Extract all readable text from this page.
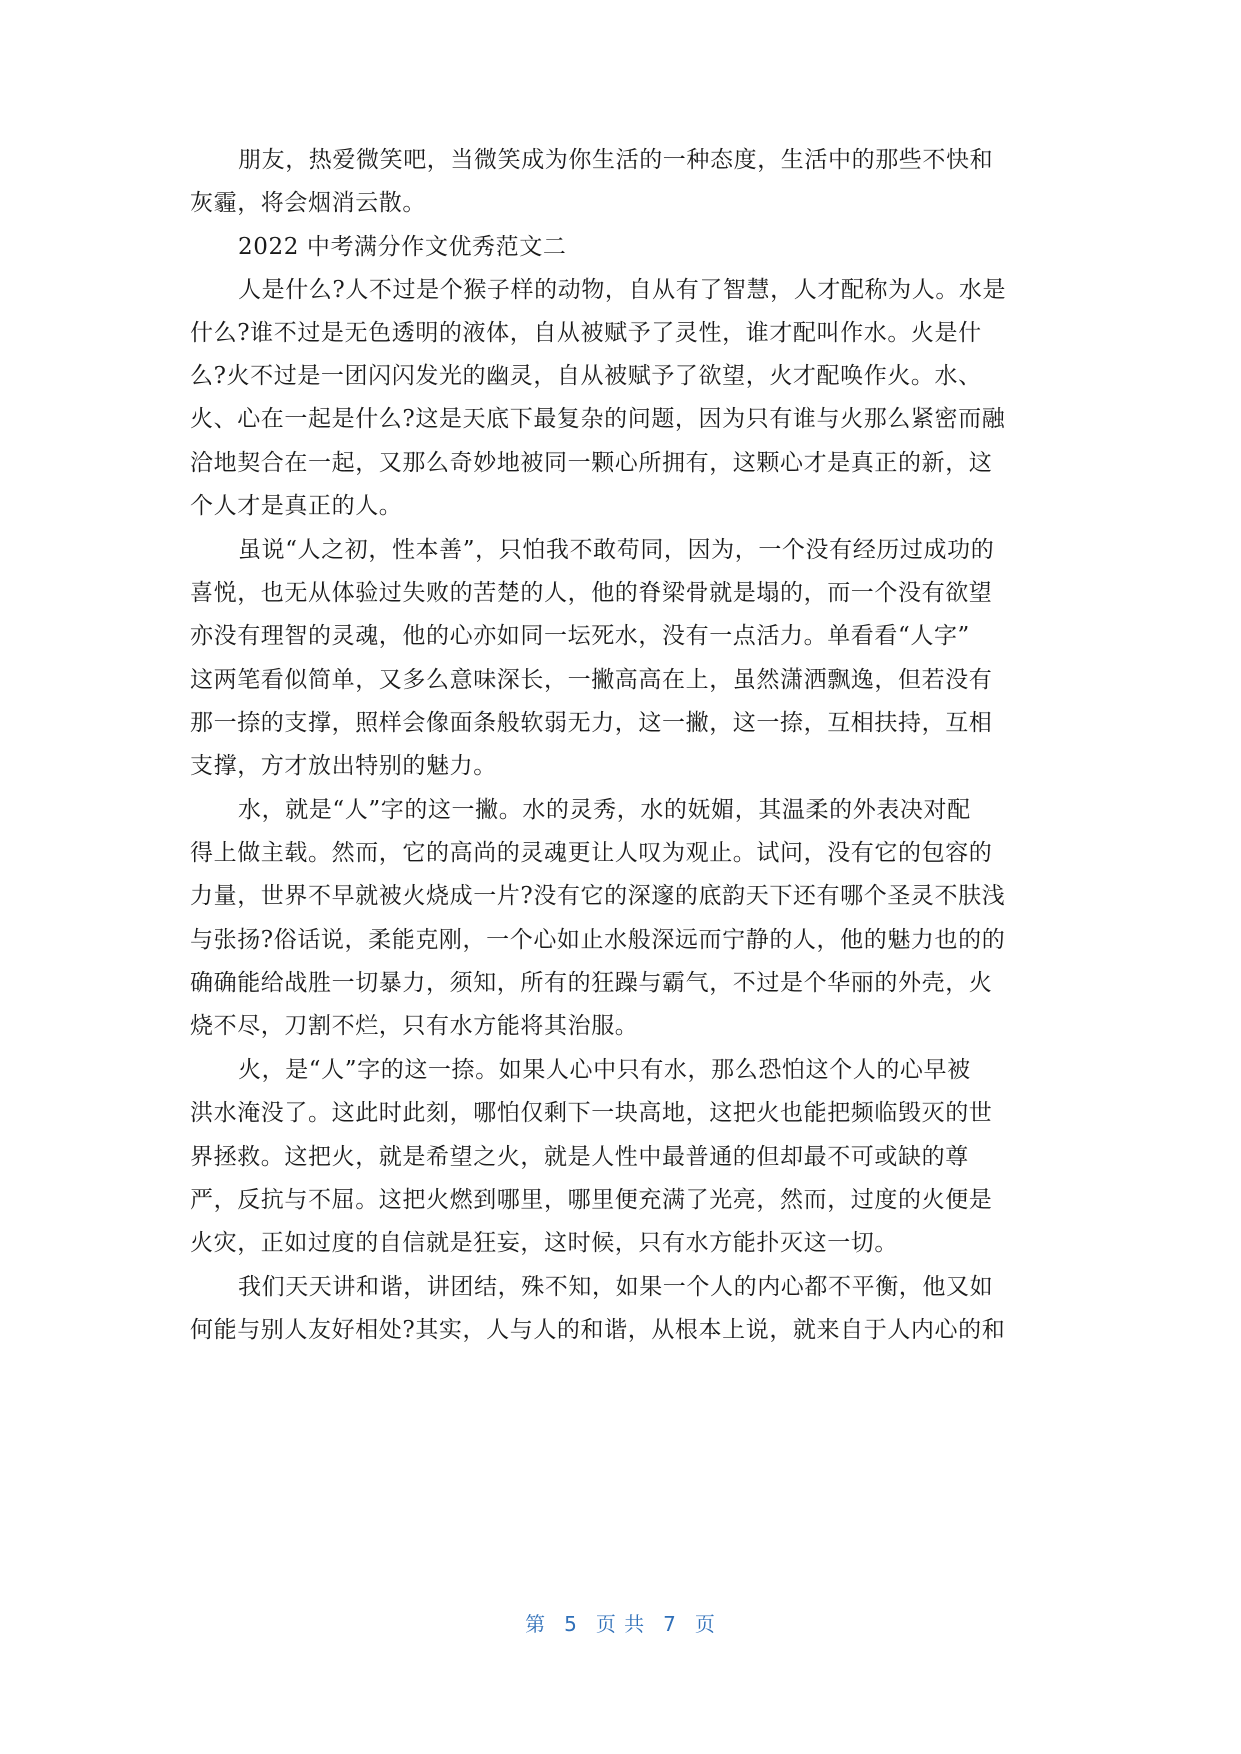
朋友，热爱微笑吧，当微笑成为你生活的一种态度，生活中的那些不快和
灰霾，将会烟消云散。
2022 中考满分作文优秀范文二
人是什么?人不过是个猴子样的动物，自从有了智慧，人才配称为人。水是
什么?谁不过是无色透明的液体，自从被赋予了灵性，谁才配叫作水。火是什
么?火不过是一团闪闪发光的幽灵，自从被赋予了欲望，火才配唤作火。水、
火、心在一起是什么?这是天底下最复杂的问题，因为只有谁与火那么紧密而融
洽地契合在一起，又那么奇妙地被同一颗心所拥有，这颗心才是真正的新，这
个人才是真正的人。
虽说“人之初，性本善”，只怕我不敢苟同，因为，一个没有经历过成功的
喜悦，也无从体验过失败的苦楚的人，他的脊梁骨就是塌的，而一个没有欲望
亦没有理智的灵魂，他的心亦如同一坛死水，没有一点活力。单看看“人字”
这两笔看似简单，又多么意味深长，一撇高高在上，虽然潇洒飘逸，但若没有
那一捺的支撑，照样会像面条般软弱无力，这一撇，这一捺，互相扶持，互相
支撑，方才放出特别的魅力。
水，就是“人”字的这一撇。水的灵秀，水的妩媚，其温柔的外表决对配
得上做主载。然而，它的高尚的灵魂更让人叹为观止。试问，没有它的包容的
力量，世界不早就被火烧成一片?没有它的深邃的底韵天下还有哪个圣灵不肤浅
与张扬?俗话说，柔能克刚，一个心如止水般深远而宁静的人，他的魅力也的的
确确能给战胜一切暴力，须知，所有的狂躁与霸气，不过是个华丽的外壳，火
烧不尽，刀割不烂，只有水方能将其治服。
火，是“人”字的这一捺。如果人心中只有水，那么恐怕这个人的心早被
洪水淹没了。这此时此刻，哪怕仅剩下一块高地，这把火也能把频临毁灭的世
界拯救。这把火，就是希望之火，就是人性中最普通的但却最不可或缺的尊
严，反抗与不屈。这把火燃到哪里，哪里便充满了光亮，然而，过度的火便是
火灾，正如过度的自信就是狂妄，这时候，只有水方能扑灭这一切。
我们天天讲和谐，讲团结，殊不知，如果一个人的内心都不平衡，他又如
何能与别人友好相处?其实，人与人的和谐，从根本上说，就来自于人内心的和
第 5 页 共 7 页
